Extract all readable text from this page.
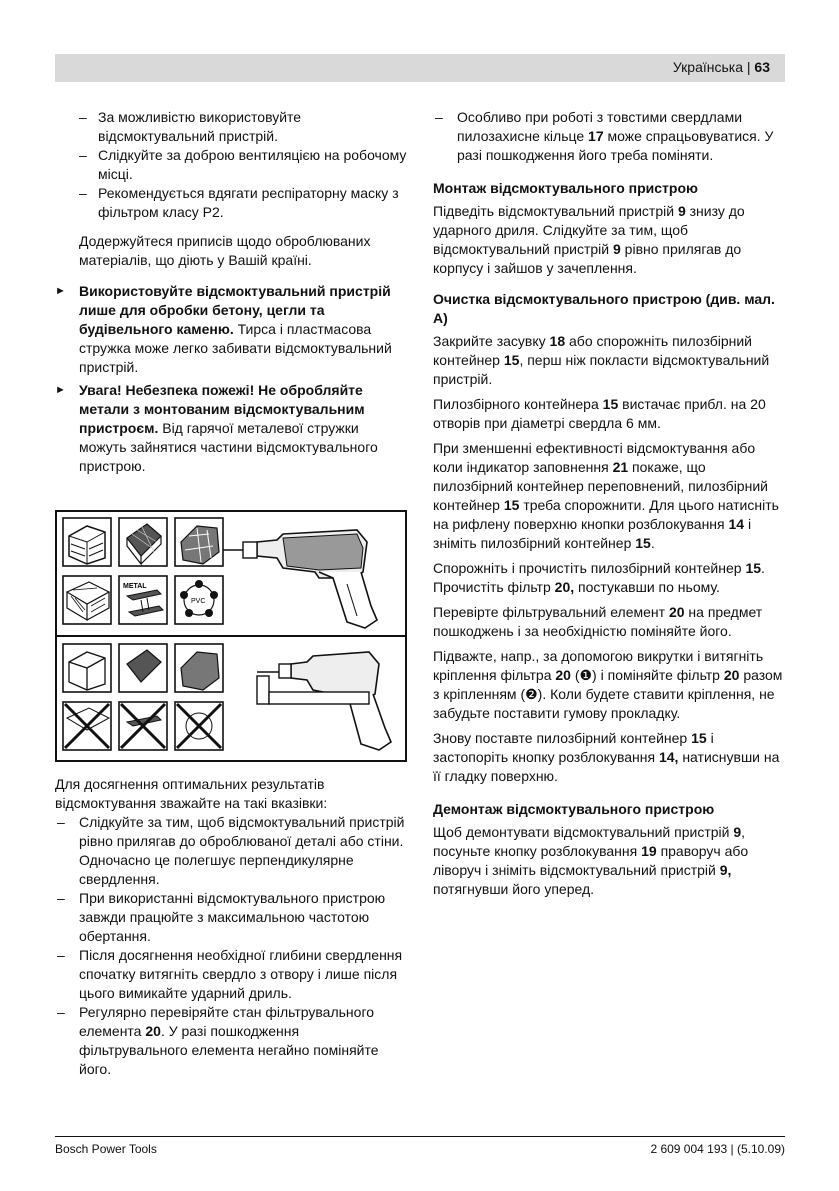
Українська | 63

– За можливістю використовуйте відсмоктувальний пристрій.

– Слідкуйте за доброю вентиляцією на робочому місці.

– Рекомендується вдягати респіраторну маску з фільтром класу P2.

Додержуйтеся приписів щодо оброблюваних матеріалів, що діють у Вашій країні.

► Використовуйте відсмоктувальний пристрій лише для обробки бетону, цегли та будівельного каменю. Тирса і пластмасова стружка може легко забивати відсмоктувальний пристрій.

► Увага! Небезпека пожежі! Не обробляйте метали з монтованим відсмоктувальним пристроєм. Від гарячої металевої стружки можуть зайнятися частини відсмоктувального пристрою.

METAL
PVC

Для досягнення оптимальних результатів відсмоктування зважайте на такі вказівки:

– Слідкуйте за тим, щоб відсмоктувальний пристрій рівно прилягав до оброблюваної деталі або стіни. Одночасно це полегшує перпендикулярне свердлення.

– При використанні відсмоктувального пристрою завжди працюйте з максимальною частотою обертання.

– Після досягнення необхідної глибини свердлення спочатку витягніть свердло з отвору і лише після цього вимикайте ударний дриль.

– Регулярно перевіряйте стан фільтрувального елемента 20. У разі пошкодження фільтрувального елемента негайно поміняйте його.

– Особливо при роботі з товстими свердлами пилозахисне кільце 17 може спрацьовуватися. У разі пошкодження його треба поміняти.

Монтаж відсмоктувального пристрою

Підведіть відсмоктувальний пристрій 9 знизу до ударного дриля. Слідкуйте за тим, щоб відсмоктувальний пристрій 9 рівно прилягав до корпусу і зайшов у зачеплення.

Очистка відсмоктувального пристрою (див. мал. А)

Закрийте засувку 18 або спорожніть пилозбірний контейнер 15, перш ніж покласти відсмоктувальний пристрій.

Пилозбірного контейнера 15 вистачає прибл. на 20 отворів при діаметрі свердла 6 мм.

При зменшенні ефективності відсмоктування або коли індикатор заповнення 21 покаже, що пилозбірний контейнер переповнений, пилозбірний контейнер 15 треба спорожнити. Для цього натисніть на рифлену поверхню кнопки розблокування 14 і зніміть пилозбірний контейнер 15.

Спорожніть і прочистіть пилозбірний контейнер 15. Прочистіть фільтр 20, постукавши по ньому.

Перевірте фільтрувальний елемент 20 на предмет пошкоджень і за необхідністю поміняйте його.

Підважте, напр., за допомогою викрутки і витягніть кріплення фільтра 20 (❶) і поміняйте фільтр 20 разом з кріпленням (❷). Коли будете ставити кріплення, не забудьте поставити гумову прокладку.

Знову поставте пилозбірний контейнер 15 і застопоріть кнопку розблокування 14, натиснувши на її гладку поверхню.

Демонтаж відсмоктувального пристрою

Щоб демонтувати відсмоктувальний пристрій 9, посуньте кнопку розблокування 19 праворуч або ліворуч і зніміть відсмоктувальний пристрій 9, потягнувши його уперед.

Bosch Power Tools	2 609 004 193 | (5.10.09)
